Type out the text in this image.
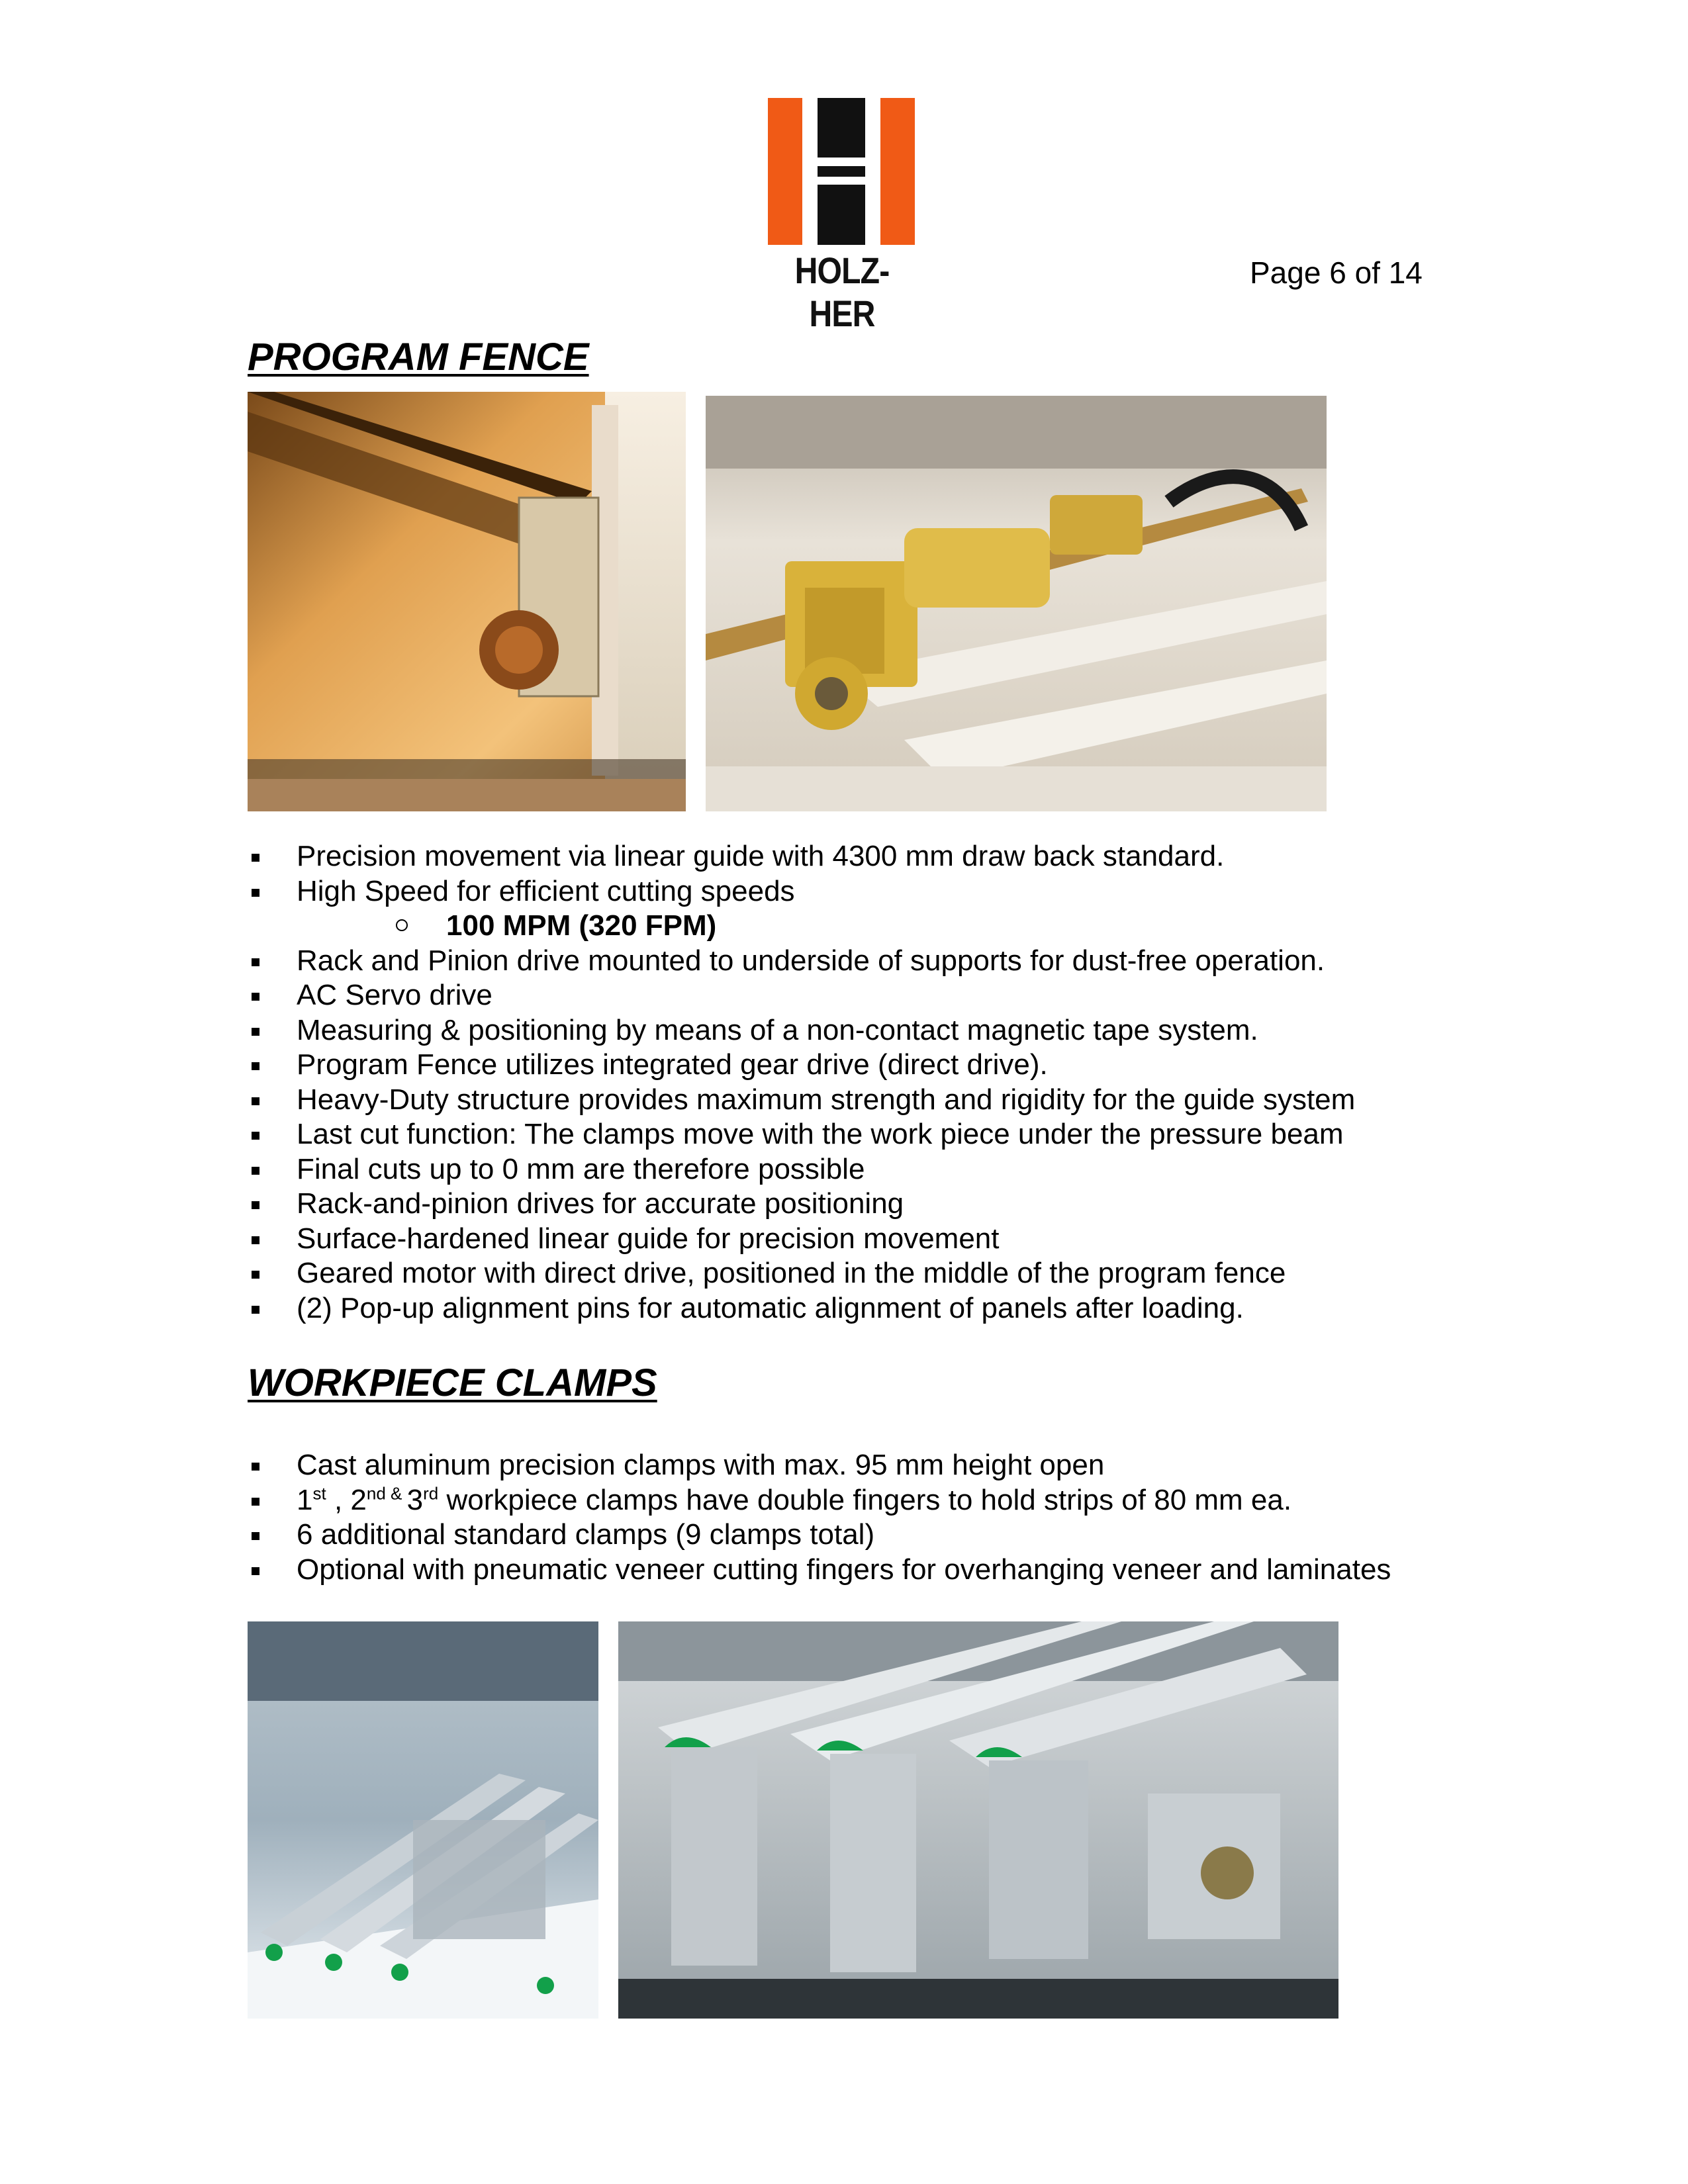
HOLZ-HER
Page 6 of 14
PROGRAM FENCE
Precision movement via linear guide with 4300 mm draw back standard.
High Speed for efficient cutting speeds
100 MPM (320 FPM)
Rack and Pinion drive mounted to underside of supports for dust-free operation.
AC Servo drive
Measuring & positioning by means of a non-contact magnetic tape system.
Program Fence utilizes integrated gear drive (direct drive).
Heavy-Duty structure provides maximum strength and rigidity for the guide system
Last cut function: The clamps move with the work piece under the pressure beam
Final cuts up to 0 mm are therefore possible
Rack-and-pinion drives for accurate positioning
Surface-hardened linear guide for precision movement
Geared motor with direct drive, positioned in the middle of the program fence
(2) Pop-up alignment pins for automatic alignment of panels after loading.
WORKPIECE CLAMPS
Cast aluminum precision clamps with max. 95 mm height open
1st , 2nd & 3rd workpiece clamps have double fingers to hold strips of 80 mm ea.
6 additional standard clamps (9 clamps total)
Optional with pneumatic veneer cutting fingers for overhanging veneer and laminates
